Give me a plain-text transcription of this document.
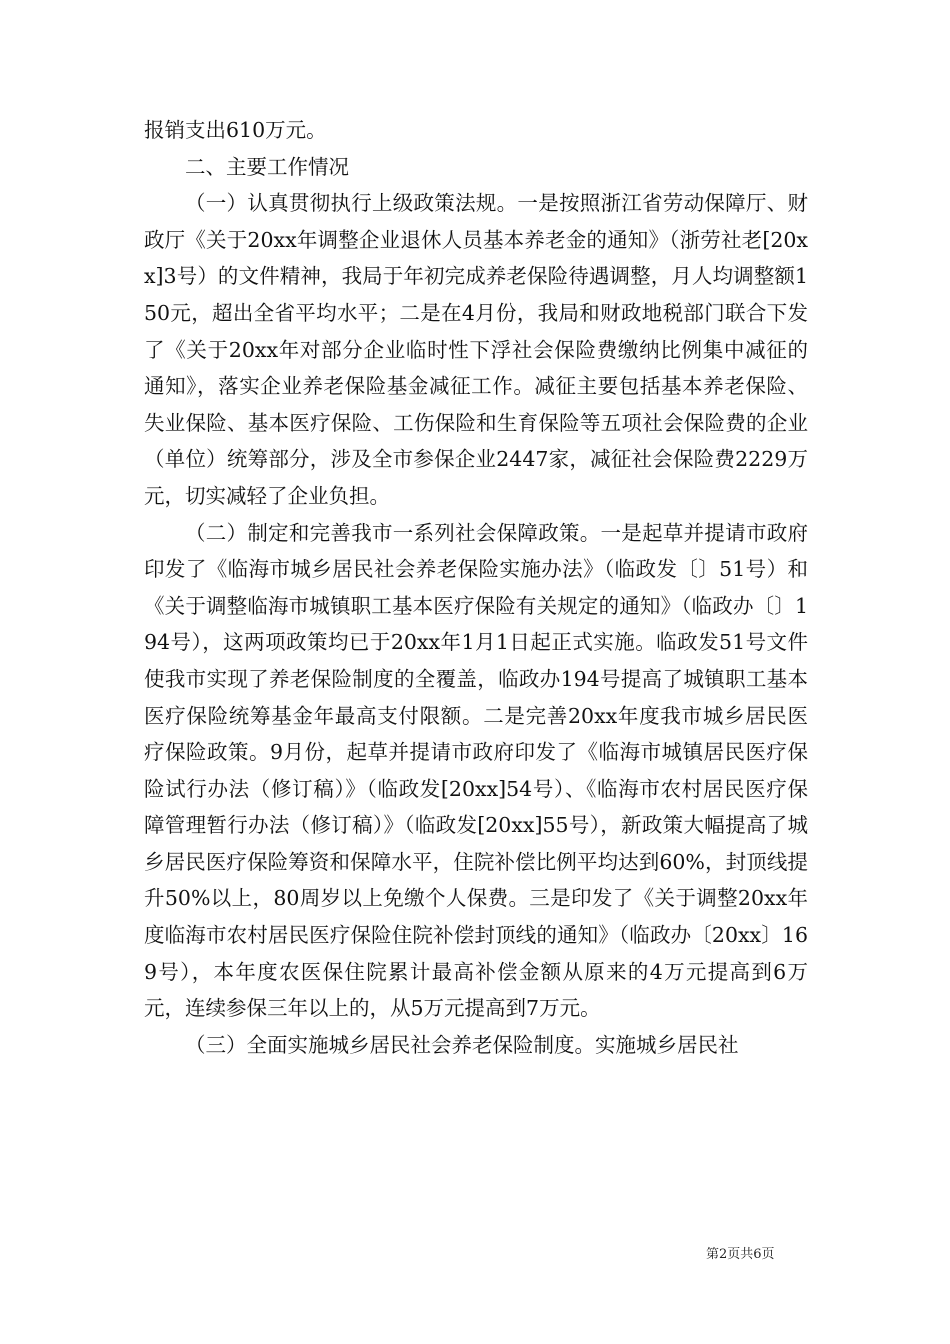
报销支出610万元。

二、主要工作情况

（一）认真贯彻执行上级政策法规。一是按照浙江省劳动保障厅、财政厅《关于20xx年调整企业退休人员基本养老金的通知》（浙劳社老[20xx]3号）的文件精神，我局于年初完成养老保险待遇调整，月人均调整额150元，超出全省平均水平；二是在4月份，我局和财政地税部门联合下发了《关于20xx年对部分企业临时性下浮社会保险费缴纳比例集中减征的通知》，落实企业养老保险基金减征工作。减征主要包括基本养老保险、失业保险、基本医疗保险、工伤保险和生育保险等五项社会保险费的企业（单位）统筹部分，涉及全市参保企业2447家，减征社会保险费2229万元，切实减轻了企业负担。

（二）制定和完善我市一系列社会保障政策。一是起草并提请市政府印发了《临海市城乡居民社会养老保险实施办法》（临政发〔〕51号）和《关于调整临海市城镇职工基本医疗保险有关规定的通知》（临政办〔〕194号），这两项政策均已于20xx年1月1日起正式实施。临政发51号文件使我市实现了养老保险制度的全覆盖，临政办194号提高了城镇职工基本医疗保险统筹基金年最高支付限额。二是完善20xx年度我市城乡居民医疗保险政策。9月份，起草并提请市政府印发了《临海市城镇居民医疗保险试行办法（修订稿）》（临政发[20xx]54号）、《临海市农村居民医疗保障管理暂行办法（修订稿）》（临政发[20xx]55号），新政策大幅提高了城乡居民医疗保险筹资和保障水平，住院补偿比例平均达到60%，封顶线提升50%以上，80周岁以上免缴个人保费。三是印发了《关于调整20xx年度临海市农村居民医疗保险住院补偿封顶线的通知》（临政办〔20xx〕169号），本年度农医保住院累计最高补偿金额从原来的4万元提高到6万元，连续参保三年以上的，从5万元提高到7万元。

（三）全面实施城乡居民社会养老保险制度。实施城乡居民社

第2页共6页
